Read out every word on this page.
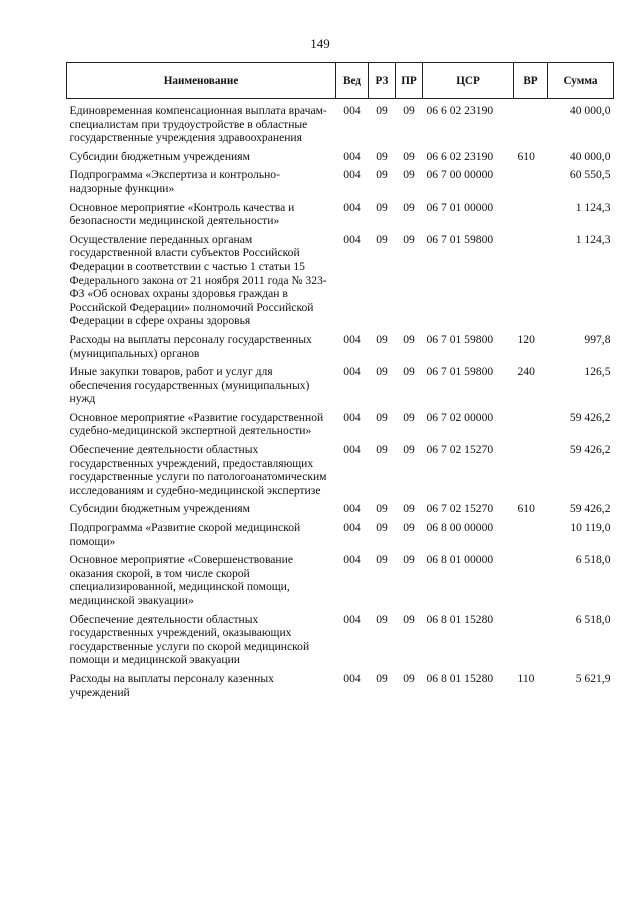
149
Наименование	Вед	РЗ	ПР	ЦСР	ВР	Сумма
Единовременная компенсационная выплата врачам-специалистам при трудоустройстве в областные государственные учреждения здравоохранения	004	09	09	06 6 02 23190		40 000,0
Субсидии бюджетным учреждениям	004	09	09	06 6 02 23190	610	40 000,0
Подпрограмма «Экспертиза и контрольно-надзорные функции»	004	09	09	06 7 00 00000		60 550,5
Основное мероприятие «Контроль качества и безопасности медицинской деятельности»	004	09	09	06 7 01 00000		1 124,3
Осуществление переданных органам государственной власти субъектов Российской Федерации в соответствии с частью 1 статьи 15 Федерального закона от 21 ноября 2011 года № 323-ФЗ «Об основах охраны здоровья граждан в Российской Федерации» полномочий Российской Федерации в сфере охраны здоровья	004	09	09	06 7 01 59800		1 124,3
Расходы на выплаты персоналу государственных (муниципальных) органов	004	09	09	06 7 01 59800	120	997,8
Иные закупки товаров, работ и услуг для обеспечения государственных (муниципальных) нужд	004	09	09	06 7 01 59800	240	126,5
Основное мероприятие «Развитие государственной судебно-медицинской экспертной деятельности»	004	09	09	06 7 02 00000		59 426,2
Обеспечение деятельности областных государственных учреждений, предоставляющих государственные услуги по патологоанатомическим исследованиям и судебно-медицинской экспертизе	004	09	09	06 7 02 15270		59 426,2
Субсидии бюджетным учреждениям	004	09	09	06 7 02 15270	610	59 426,2
Подпрограмма «Развитие скорой медицинской помощи»	004	09	09	06 8 00 00000		10 119,0
Основное мероприятие «Совершенствование оказания скорой, в том числе скорой специализированной, медицинской помощи, медицинской эвакуации»	004	09	09	06 8 01 00000		6 518,0
Обеспечение деятельности областных государственных учреждений, оказывающих государственные услуги по скорой медицинской помощи и медицинской эвакуации	004	09	09	06 8 01 15280		6 518,0
Расходы на выплаты персоналу казенных учреждений	004	09	09	06 8 01 15280	110	5 621,9
